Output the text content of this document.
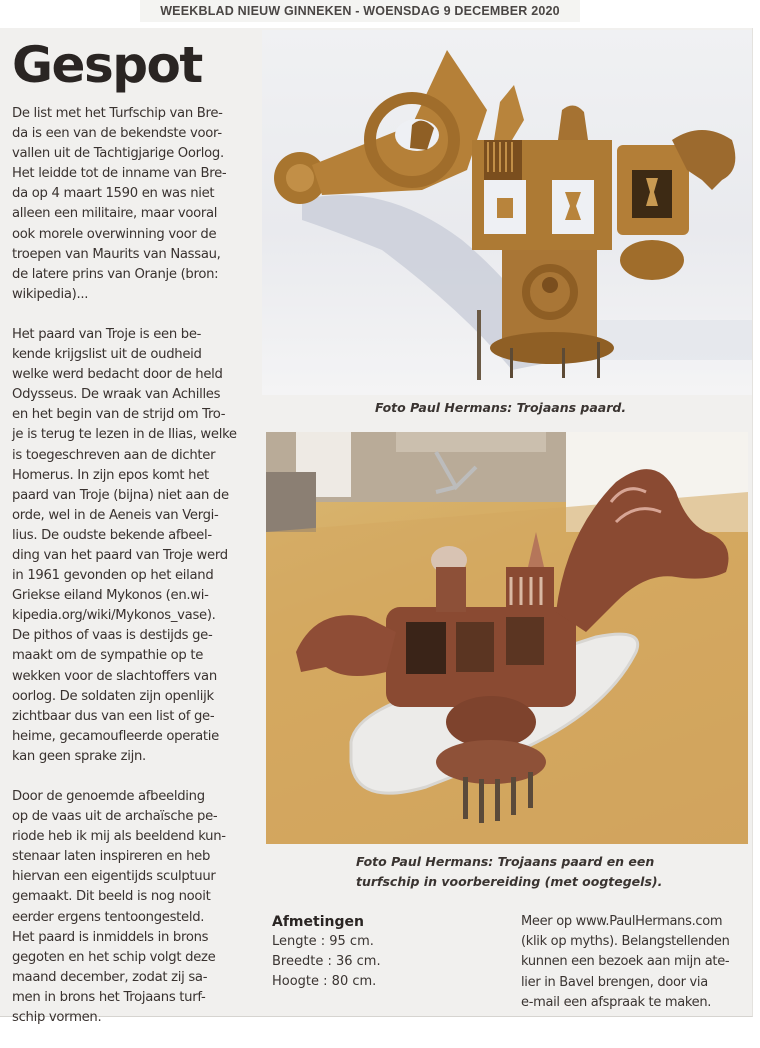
WEEKBLAD NIEUW GINNEKEN - WOENSDAG 9 DECEMBER 2020
Gespot

De list met het Turfschip van Bre-
da is een van de bekendste voor-
vallen uit de Tachtigjarige Oorlog.
Het leidde tot de inname van Bre-
da op 4 maart 1590 en was niet
alleen een militaire, maar vooral
ook morele overwinning voor de
troepen van Maurits van Nassau,
de latere prins van Oranje (bron:
wikipedia)...

Het paard van Troje is een be-
kende krijgslist uit de oudheid
welke werd bedacht door de held
Odysseus. De wraak van Achilles
en het begin van de strijd om Tro-
je is terug te lezen in de Ilias, welke
is toegeschreven aan de dichter
Homerus. In zijn epos komt het
paard van Troje (bijna) niet aan de
orde, wel in de Aeneis van Vergi-
lius. De oudste bekende afbeel-
ding van het paard van Troje werd
in 1961 gevonden op het eiland
Griekse eiland Mykonos (en.wi-
kipedia.org/wiki/Mykonos_vase).
De pithos of vaas is destijds ge-
maakt om de sympathie op te
wekken voor de slachtoffers van
oorlog. De soldaten zijn openlijk
zichtbaar dus van een list of ge-
heime, gecamoufleerde operatie
kan geen sprake zijn.

Door de genoemde afbeelding
op de vaas uit de archaïsche pe-
riode heb ik mij als beeldend kun-
stenaar laten inspireren en heb
hiervan een eigentijds sculptuur
gemaakt. Dit beeld is nog nooit
eerder ergens tentoongesteld.
Het paard is inmiddels in brons
gegoten en het schip volgt deze
maand december, zodat zij sa-
men in brons het Trojaans turf-
schip vormen.

Foto Paul Hermans: Trojaans paard.
Foto Paul Hermans: Trojaans paard en een
turfschip in voorbereiding (met oogtegels).
Afmetingen
Lengte : 95 cm.
Breedte : 36 cm.
Hoogte : 80 cm.
Meer op www.PaulHermans.com
(klik op myths). Belangstellenden
kunnen een bezoek aan mijn ate-
lier in Bavel brengen, door via
e-mail een afspraak te maken.
